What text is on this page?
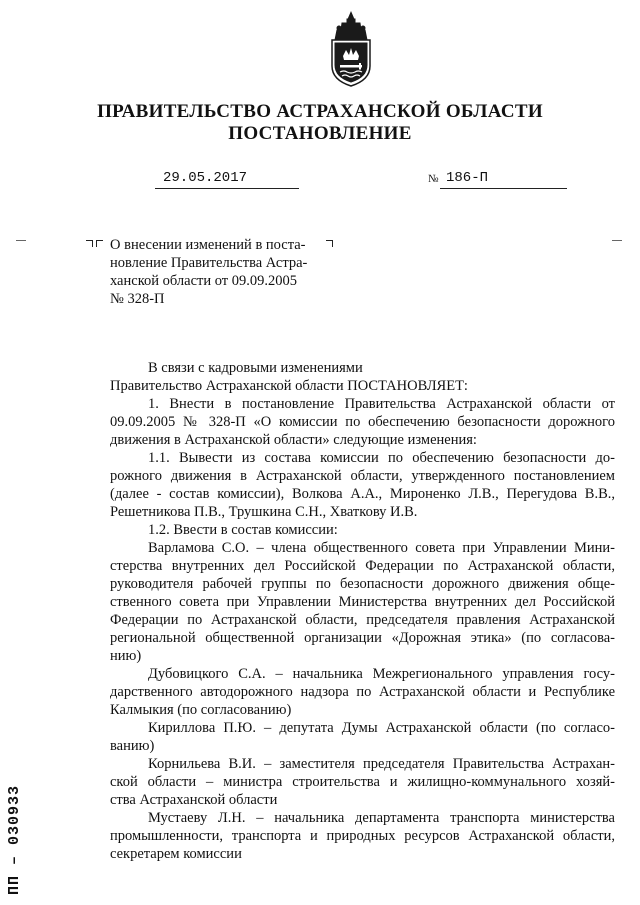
ПРАВИТЕЛЬСТВО АСТРАХАНСКОЙ ОБЛАСТИ
ПОСТАНОВЛЕНИЕ
29.05.2017	№ 186-П
О внесении изменений в поста-
новление Правительства Астра-
ханской области от 09.09.2005
№ 328-П
В связи с кадровыми изменениями
Правительство Астраханской области ПОСТАНОВЛЯЕТ:
1. Внести в постановление Правительства Астраханской области от
09.09.2005 № 328-П «О комиссии по обеспечению безопасности дорожного
движения в Астраханской области» следующие изменения:
1.1. Вывести из состава комиссии по обеспечению безопасности до-
рожного движения в Астраханской области, утвержденного постановлением
(далее - состав комиссии), Волкова А.А., Мироненко Л.В., Перегудова В.В.,
Решетникова П.В., Трушкина С.Н., Хваткову И.В.
1.2. Ввести в состав комиссии:
Варламова С.О. – члена общественного совета при Управлении Мини-
стерства внутренних дел Российской Федерации по Астраханской области,
руководителя рабочей группы по безопасности дорожного движения обще-
ственного совета при Управлении Министерства внутренних дел Российской
Федерации по Астраханской области, председателя правления Астраханской
региональной общественной организации «Дорожная этика» (по согласова-
нию)
Дубовицкого С.А. – начальника Межрегионального управления госу-
дарственного автодорожного надзора по Астраханской области и Республике
Калмыкия (по согласованию)
Кириллова П.Ю. – депутата Думы Астраханской области (по согласо-
ванию)
Корнильева В.И. – заместителя председателя Правительства Астрахан-
ской области – министра строительства и жилищно-коммунального хозяй-
ства Астраханской области
Мустаеву Л.Н. – начальника департамента транспорта министерства
промышленности, транспорта и природных ресурсов Астраханской области,
секретарем комиссии
ПП – 030933
